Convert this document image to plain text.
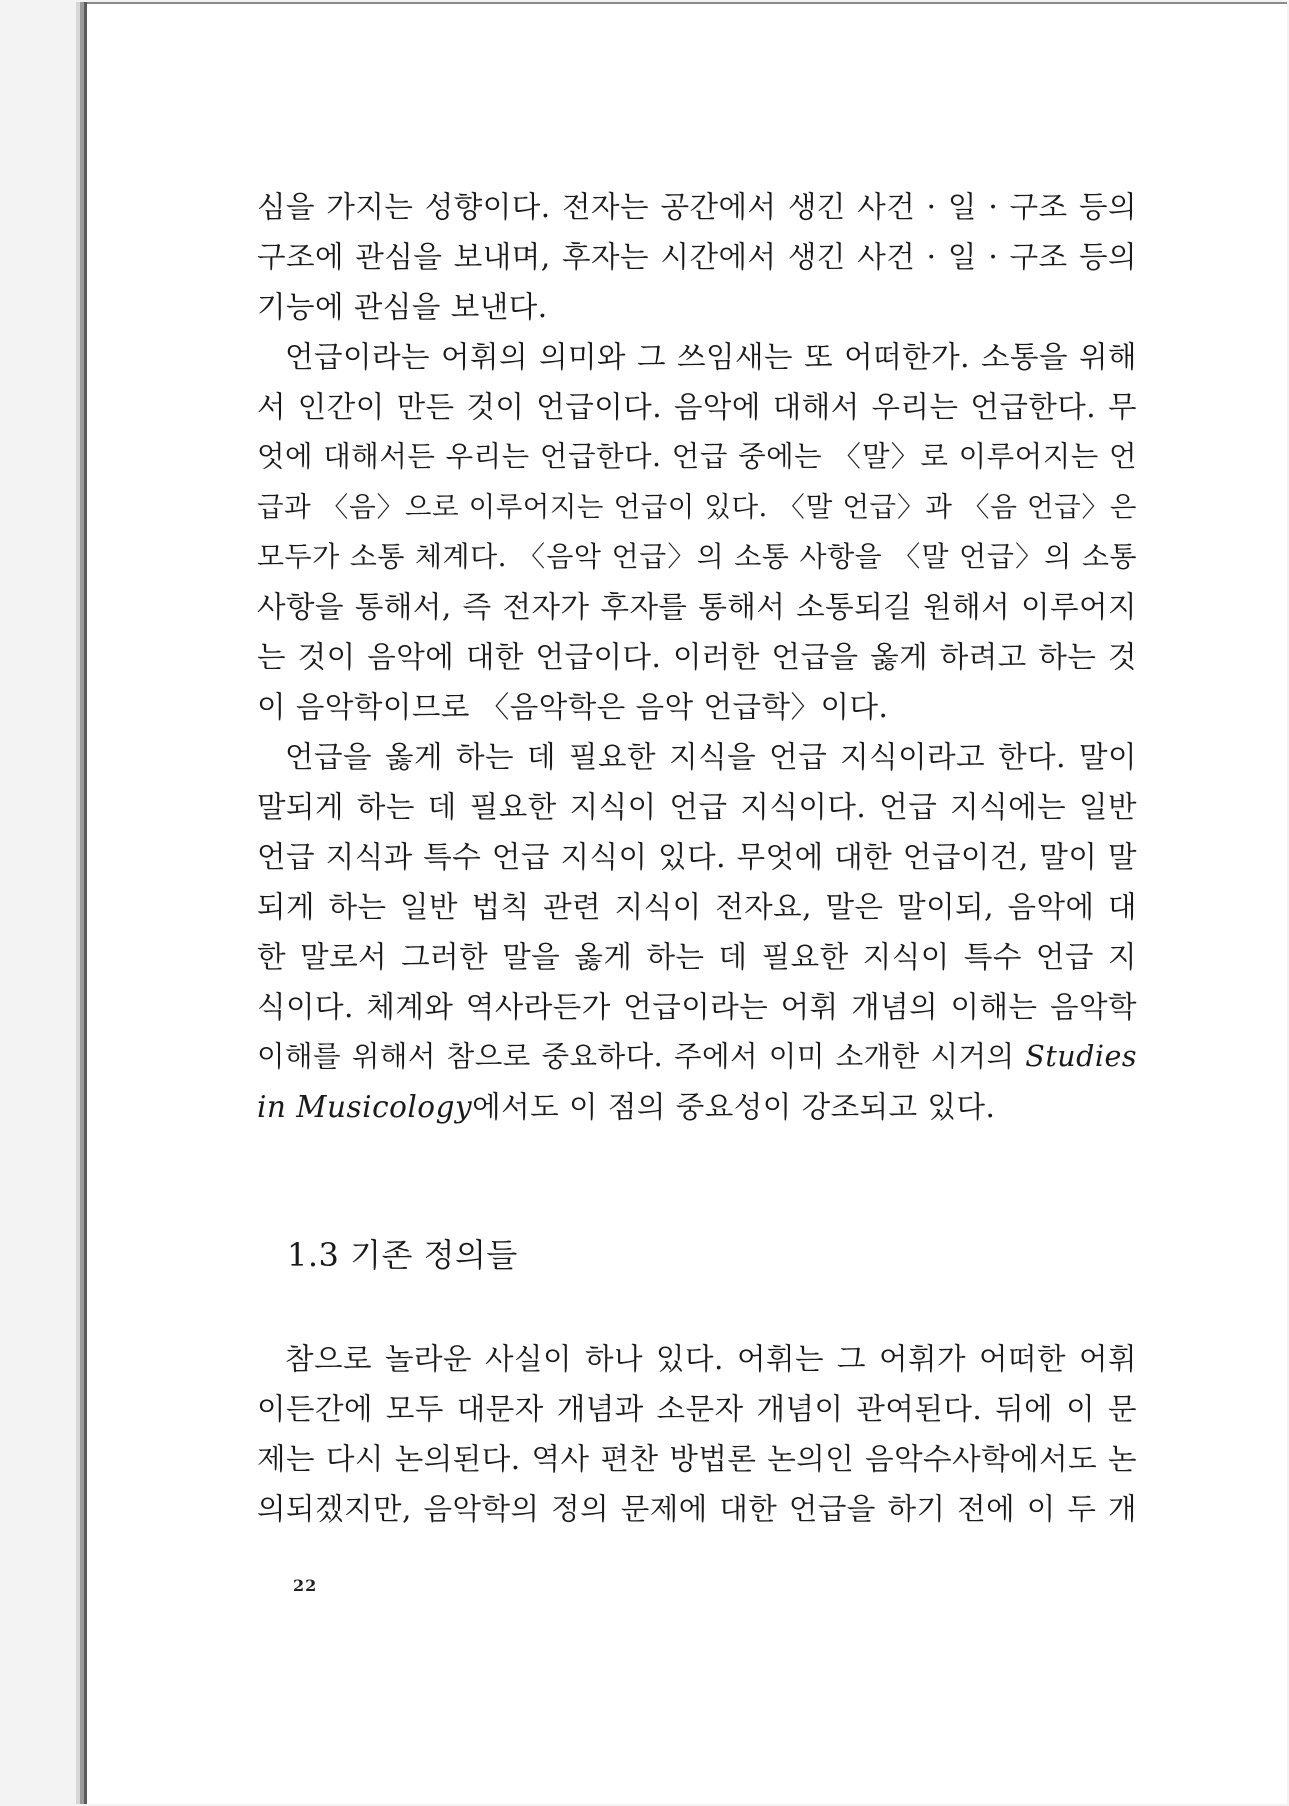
심을 가지는 성향이다. 전자는 공간에서 생긴 사건 · 일 · 구조 등의
구조에 관심을 보내며, 후자는 시간에서 생긴 사건 · 일 · 구조 등의
기능에 관심을 보낸다.

언급이라는 어휘의 의미와 그 쓰임새는 또 어떠한가. 소통을 위해
서 인간이 만든 것이 언급이다. 음악에 대해서 우리는 언급한다. 무
엇에 대해서든 우리는 언급한다. 언급 중에는 〈말〉로 이루어지는 언
급과 〈음〉으로 이루어지는 언급이 있다. 〈말 언급〉과 〈음 언급〉은
모두가 소통 체계다. 〈음악 언급〉의 소통 사항을 〈말 언급〉의 소통
사항을 통해서, 즉 전자가 후자를 통해서 소통되길 원해서 이루어지
는 것이 음악에 대한 언급이다. 이러한 언급을 옳게 하려고 하는 것
이 음악학이므로 〈음악학은 음악 언급학〉이다.

언급을 옳게 하는 데 필요한 지식을 언급 지식이라고 한다. 말이
말되게 하는 데 필요한 지식이 언급 지식이다. 언급 지식에는 일반
언급 지식과 특수 언급 지식이 있다. 무엇에 대한 언급이건, 말이 말
되게 하는 일반 법칙 관련 지식이 전자요, 말은 말이되, 음악에 대
한 말로서 그러한 말을 옳게 하는 데 필요한 지식이 특수 언급 지
식이다. 체계와 역사라든가 언급이라는 어휘 개념의 이해는 음악학
이해를 위해서 참으로 중요하다. 주에서 이미 소개한 시거의 Studies
in Musicology에서도 이 점의 중요성이 강조되고 있다.

1.3 기존 정의들

참으로 놀라운 사실이 하나 있다. 어휘는 그 어휘가 어떠한 어휘
이든간에 모두 대문자 개념과 소문자 개념이 관여된다. 뒤에 이 문
제는 다시 논의된다. 역사 편찬 방법론 논의인 음악수사학에서도 논
의되겠지만, 음악학의 정의 문제에 대한 언급을 하기 전에 이 두 개

22
